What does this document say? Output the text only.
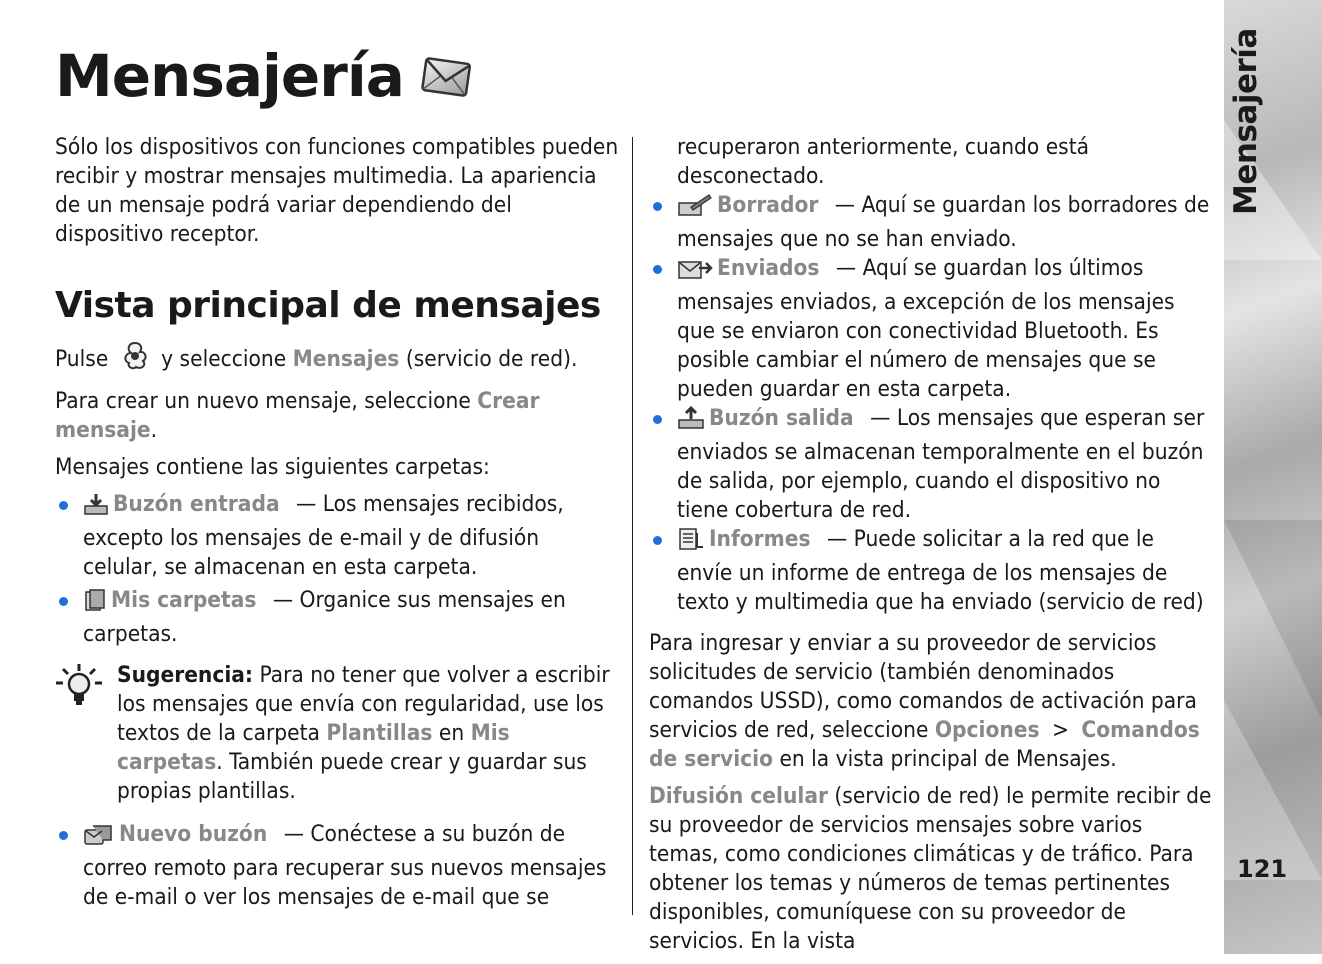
Mensajería

Sólo los dispositivos con funciones compatibles pueden recibir y mostrar mensajes multimedia. La apariencia de un mensaje podrá variar dependiendo del dispositivo receptor.

Vista principal de mensajes

Pulse y seleccione Mensajes (servicio de red).

Para crear un nuevo mensaje, seleccione Crear mensaje.

Mensajes contiene las siguientes carpetas:

Buzón entrada — Los mensajes recibidos, excepto los mensajes de e-mail y de difusión celular, se almacenan en esta carpeta.
Mis carpetas — Organice sus mensajes en carpetas.
Sugerencia: Para no tener que volver a escribir los mensajes que envía con regularidad, use los textos de la carpeta Plantillas en Mis carpetas. También puede crear y guardar sus propias plantillas.
Nuevo buzón — Conéctese a su buzón de correo remoto para recuperar sus nuevos mensajes de e-mail o ver los mensajes de e-mail que se

recuperaron anteriormente, cuando está desconectado.

Borrador — Aquí se guardan los borradores de mensajes que no se han enviado.
Enviados — Aquí se guardan los últimos mensajes enviados, a excepción de los mensajes que se enviaron con conectividad Bluetooth. Es posible cambiar el número de mensajes que se pueden guardar en esta carpeta.
Buzón salida — Los mensajes que esperan ser enviados se almacenan temporalmente en el buzón de salida, por ejemplo, cuando el dispositivo no tiene cobertura de red.
Informes — Puede solicitar a la red que le envíe un informe de entrega de los mensajes de texto y multimedia que ha enviado (servicio de red)

Para ingresar y enviar a su proveedor de servicios solicitudes de servicio (también denominados comandos USSD), como comandos de activación para servicios de red, seleccione Opciones > Comandos de servicio en la vista principal de Mensajes.

Difusión celular (servicio de red) le permite recibir de su proveedor de servicios mensajes sobre varios temas, como condiciones climáticas y de tráfico. Para obtener los temas y números de temas pertinentes disponibles, comuníquese con su proveedor de servicios. En la vista

Mensajería
121
